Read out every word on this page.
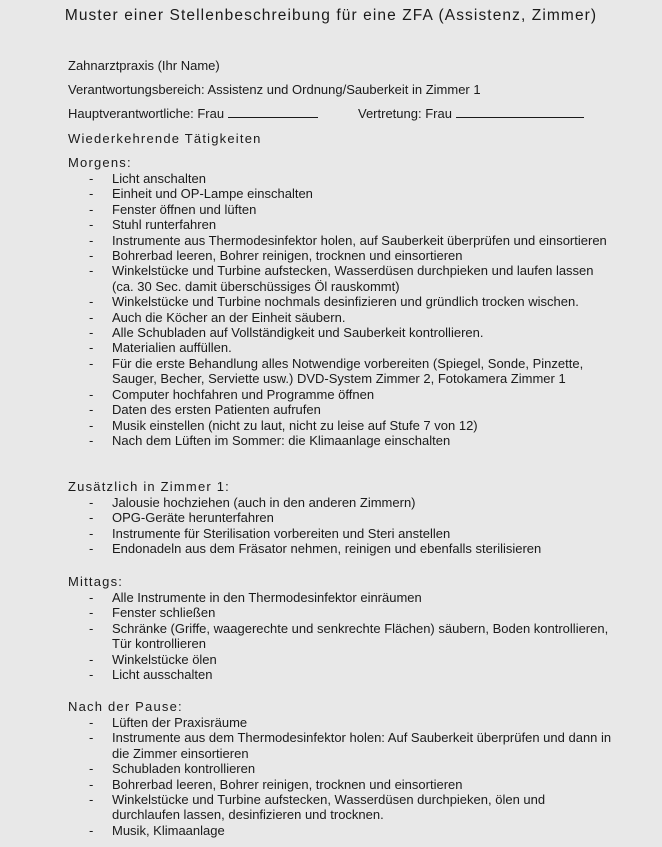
Muster einer Stellenbeschreibung für eine ZFA (Assistenz, Zimmer)

Zahnarztpraxis (Ihr Name)

Verantwortungsbereich: Assistenz und Ordnung/Sauberkeit in Zimmer 1

Hauptverantwortliche: Frau	Vertretung: Frau

Wiederkehrende Tätigkeiten

Morgens:

- Licht anschalten
- Einheit und OP-Lampe einschalten
- Fenster öffnen und lüften
- Stuhl runterfahren
- Instrumente aus Thermodesinfektor holen, auf Sauberkeit überprüfen und einsortieren
- Bohrerbad leeren, Bohrer reinigen, trocknen und einsortieren
- Winkelstücke und Turbine aufstecken, Wasserdüsen durchpieken und laufen lassen (ca. 30 Sec. damit überschüssiges Öl rauskommt)
- Winkelstücke und Turbine nochmals desinfizieren und gründlich trocken wischen.
- Auch die Köcher an der Einheit säubern.
- Alle Schubladen auf Vollständigkeit und Sauberkeit kontrollieren.
- Materialien auffüllen.
- Für die erste Behandlung alles Notwendige vorbereiten (Spiegel, Sonde, Pinzette, Sauger, Becher, Serviette usw.) DVD-System Zimmer 2, Fotokamera Zimmer 1
- Computer hochfahren und Programme öffnen
- Daten des ersten Patienten aufrufen
- Musik einstellen (nicht zu laut, nicht zu leise auf Stufe 7 von 12)
- Nach dem Lüften im Sommer: die Klimaanlage einschalten

Zusätzlich in Zimmer 1:

- Jalousie hochziehen (auch in den anderen Zimmern)
- OPG-Geräte herunterfahren
- Instrumente für Sterilisation vorbereiten und Steri anstellen
- Endonadeln aus dem Fräsator nehmen, reinigen und ebenfalls sterilisieren

Mittags:

- Alle Instrumente in den Thermodesinfektor einräumen
- Fenster schließen
- Schränke (Griffe, waagerechte und senkrechte Flächen) säubern, Boden kontrollieren, Tür kontrollieren
- Winkelstücke ölen
- Licht ausschalten

Nach der Pause:

- Lüften der Praxisräume
- Instrumente aus dem Thermodesinfektor holen: Auf Sauberkeit überprüfen und dann in die Zimmer einsortieren
- Schubladen kontrollieren
- Bohrerbad leeren, Bohrer reinigen, trocknen und einsortieren
- Winkelstücke und Turbine aufstecken, Wasserdüsen durchpieken, ölen und durchlaufen lassen, desinfizieren und trocknen.
- Musik, Klimaanlage
